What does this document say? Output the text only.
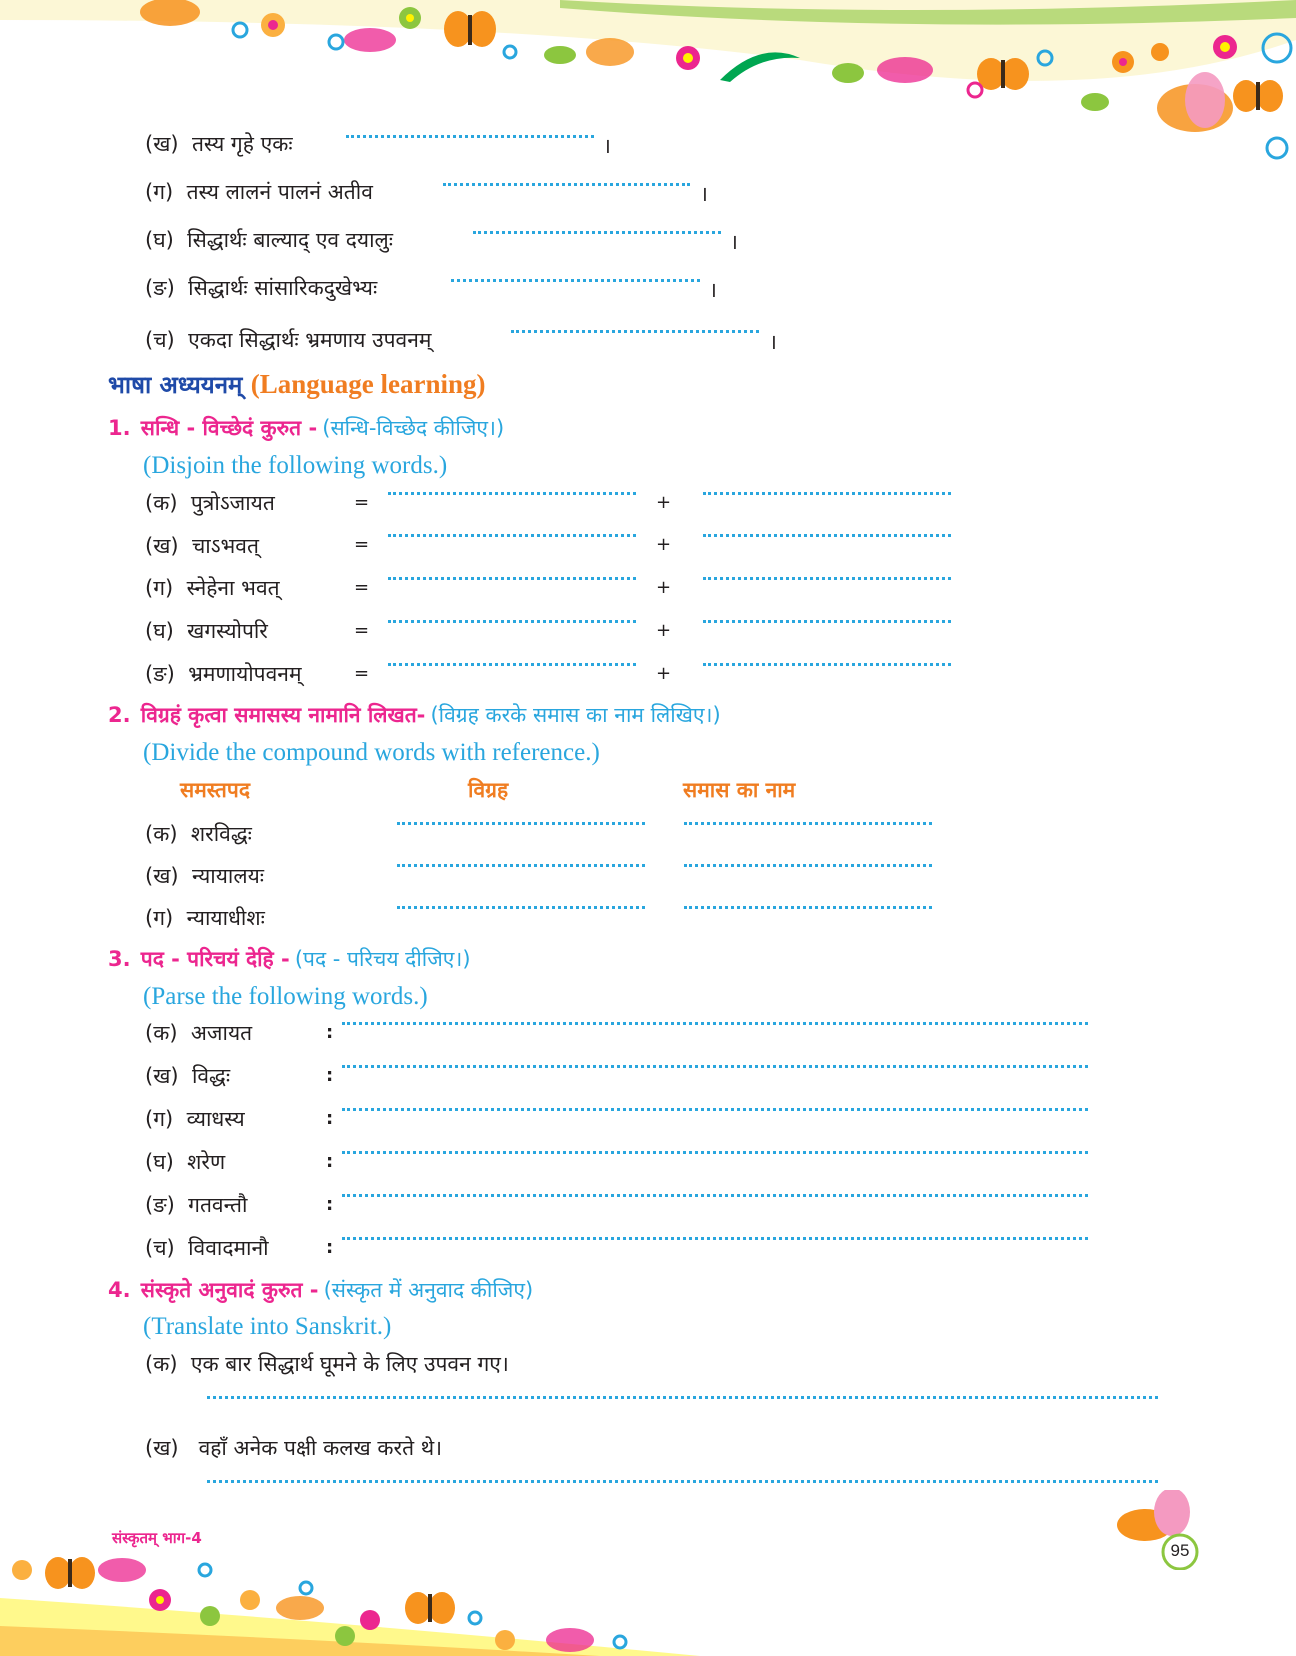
(ख) तस्य गृहे एकः	।
(ग) तस्य लालनं पालनं अतीव	।
(घ) सिद्धार्थः बाल्याद् एव दयालुः	।
(ङ) सिद्धार्थः सांसारिकदुखेभ्यः	।
(च) एकदा सिद्धार्थः भ्रमणाय उपवनम्	।
भाषा अध्ययनम् (Language learning)
1. सन्धि - विच्छेदं कुरुत - (सन्धि-विच्छेद कीजिए।)
(Disjoin the following words.)
(क) पुत्रोऽजायत	=	+
(ख) चाऽभवत्	=	+
(ग) स्नेहेना भवत्	=	+
(घ) खगस्योपरि	=	+
(ङ) भ्रमणायोपवनम्	=	+
2. विग्रहं कृत्वा समासस्य नामानि लिखत- (विग्रह करके समास का नाम लिखिए।)
(Divide the compound words with reference.)
समस्तपद	विग्रह	समास का नाम
(क) शरविद्धः
(ख) न्यायालयः
(ग) न्यायाधीशः
3. पद - परिचयं देहि - (पद - परिचय दीजिए।)
(Parse the following words.)
(क) अजायत	:
(ख) विद्धः	:
(ग) व्याधस्य	:
(घ) शरेण	:
(ङ) गतवन्तौ	:
(च) विवादमानौ	:
4. संस्कृते अनुवादं कुरुत - (संस्कृत में अनुवाद कीजिए)
(Translate into Sanskrit.)
(क) एक बार सिद्धार्थ घूमने के लिए उपवन गए।
(ख) वहाँ अनेक पक्षी कलख करते थे।
संस्कृतम् भाग-4
95
